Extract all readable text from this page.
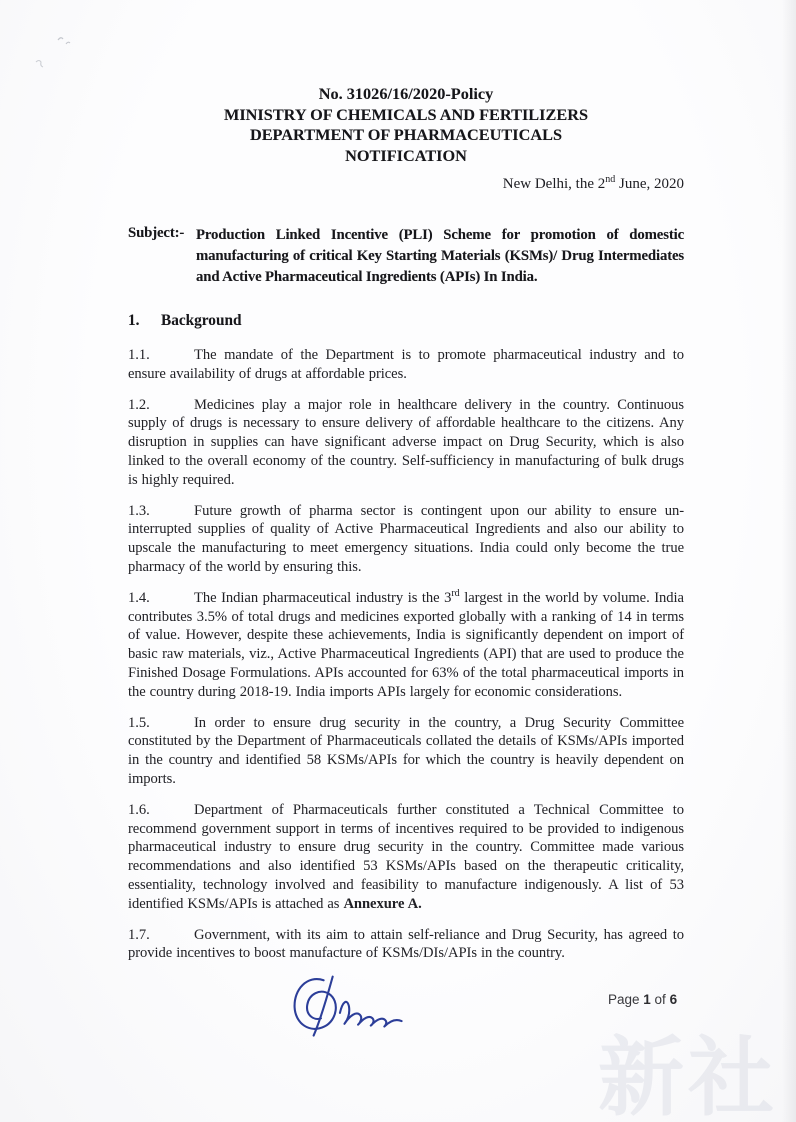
No. 31026/16/2020-Policy
MINISTRY OF CHEMICALS AND FERTILIZERS
DEPARTMENT OF PHARMACEUTICALS
NOTIFICATION
New Delhi, the 2nd June, 2020
Subject:- Production Linked Incentive (PLI) Scheme for promotion of domestic manufacturing of critical Key Starting Materials (KSMs)/ Drug Intermediates and Active Pharmaceutical Ingredients (APIs) In India.
1. Background

1.1.	The mandate of the Department is to promote pharmaceutical industry and to ensure availability of drugs at affordable prices.

1.2.	Medicines play a major role in healthcare delivery in the country. Continuous supply of drugs is necessary to ensure delivery of affordable healthcare to the citizens. Any disruption in supplies can have significant adverse impact on Drug Security, which is also linked to the overall economy of the country. Self-sufficiency in manufacturing of bulk drugs is highly required.

1.3.	Future growth of pharma sector is contingent upon our ability to ensure un-interrupted supplies of quality of Active Pharmaceutical Ingredients and also our ability to upscale the manufacturing to meet emergency situations. India could only become the true pharmacy of the world by ensuring this.

1.4.	The Indian pharmaceutical industry is the 3rd largest in the world by volume. India contributes 3.5% of total drugs and medicines exported globally with a ranking of 14 in terms of value. However, despite these achievements, India is significantly dependent on import of basic raw materials, viz., Active Pharmaceutical Ingredients (API) that are used to produce the Finished Dosage Formulations. APIs accounted for 63% of the total pharmaceutical imports in the country during 2018-19. India imports APIs largely for economic considerations.

1.5.	In order to ensure drug security in the country, a Drug Security Committee constituted by the Department of Pharmaceuticals collated the details of KSMs/APIs imported in the country and identified 58 KSMs/APIs for which the country is heavily dependent on imports.

1.6.	Department of Pharmaceuticals further constituted a Technical Committee to recommend government support in terms of incentives required to be provided to indigenous pharmaceutical industry to ensure drug security in the country. Committee made various recommendations and also identified 53 KSMs/APIs based on the therapeutic criticality, essentiality, technology involved and feasibility to manufacture indigenously. A list of 53 identified KSMs/APIs is attached as Annexure A.

1.7.	Government, with its aim to attain self-reliance and Drug Security, has agreed to provide incentives to boost manufacture of KSMs/DIs/APIs in the country.

Page 1 of 6
新社
